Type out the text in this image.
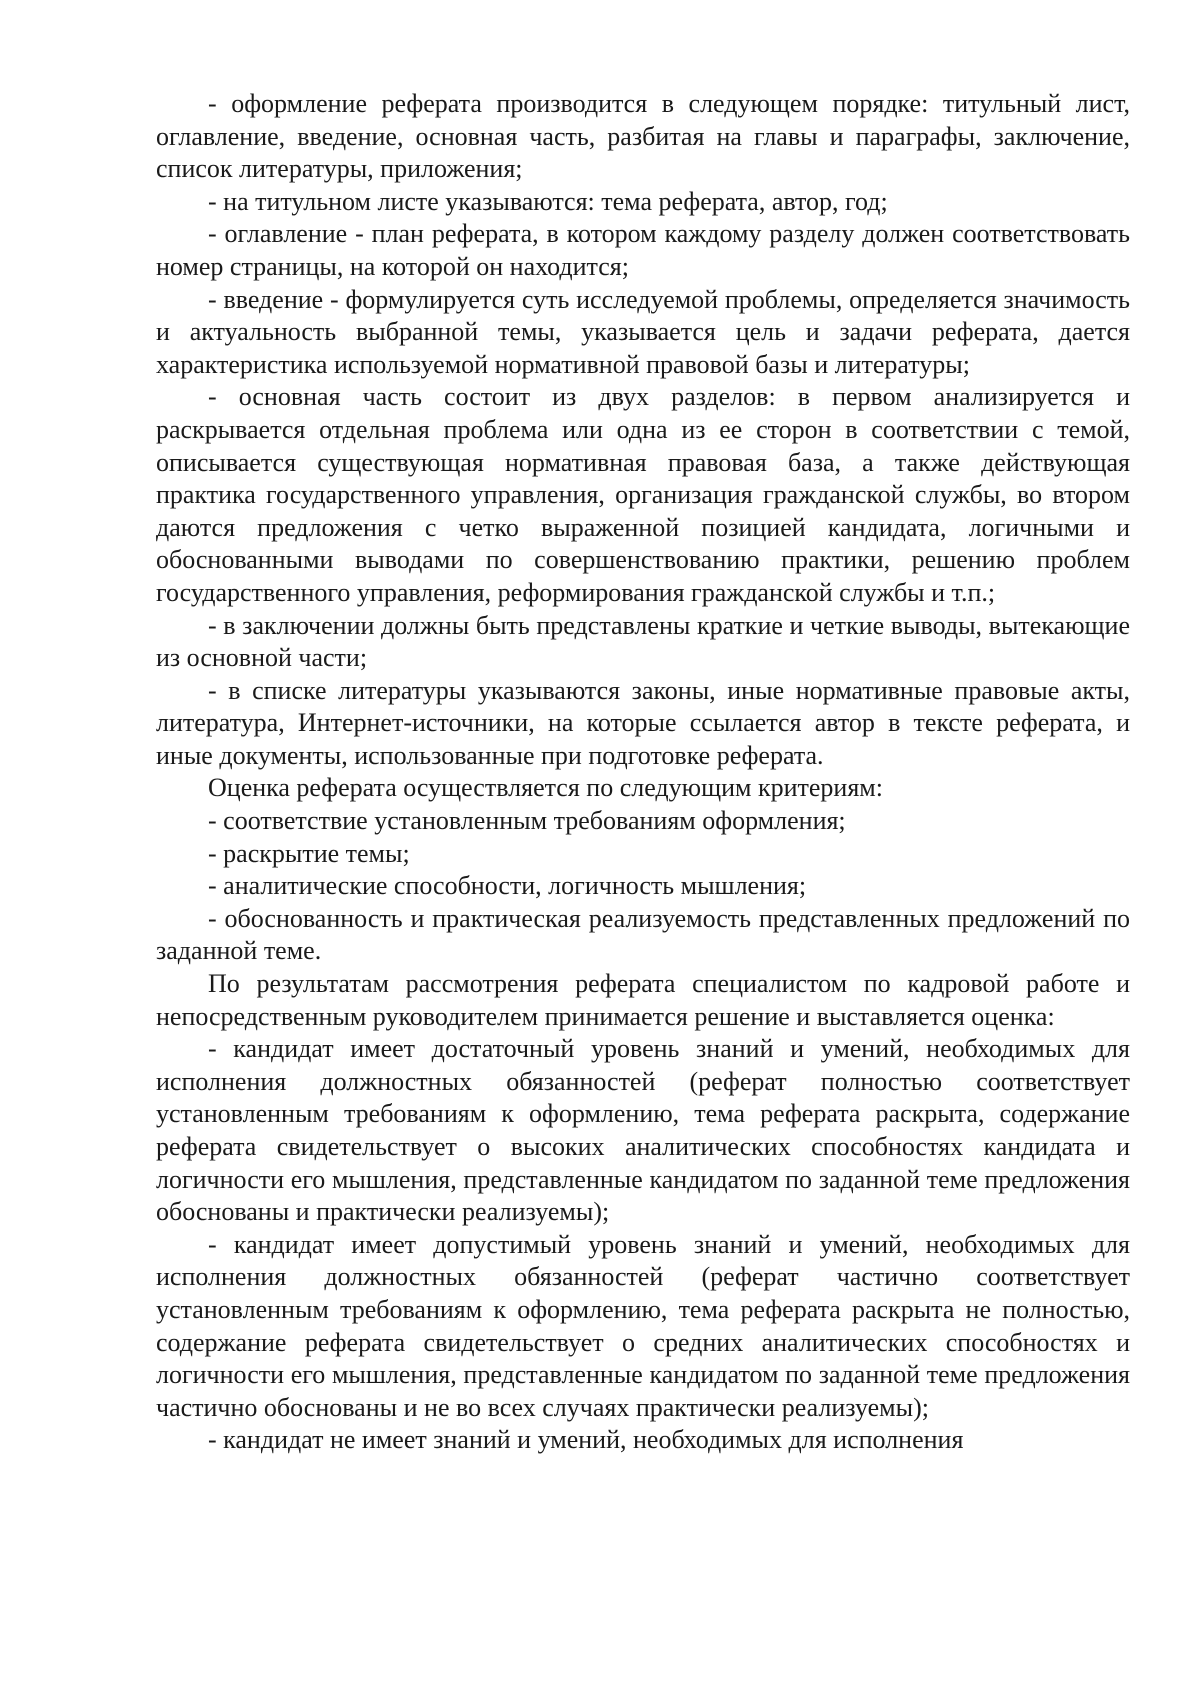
- оформление реферата производится в следующем порядке: титульный лист, оглавление, введение, основная часть, разбитая на главы и параграфы, заключение, список литературы, приложения;

- на титульном листе указываются: тема реферата, автор, год;

- оглавление - план реферата, в котором каждому разделу должен соответствовать номер страницы, на которой он находится;

- введение - формулируется суть исследуемой проблемы, определяется значимость и актуальность выбранной темы, указывается цель и задачи реферата, дается характеристика используемой нормативной правовой базы и литературы;

- основная часть состоит из двух разделов: в первом анализируется и раскрывается отдельная проблема или одна из ее сторон в соответствии с темой, описывается существующая нормативная правовая база, а также действующая практика государственного управления, организация гражданской службы, во втором даются предложения с четко выраженной позицией кандидата, логичными и обоснованными выводами по совершенствованию практики, решению проблем государственного управления, реформирования гражданской службы и т.п.;

- в заключении должны быть представлены краткие и четкие выводы, вытекающие из основной части;

- в списке литературы указываются законы, иные нормативные правовые акты, литература, Интернет-источники, на которые ссылается автор в тексте реферата, и иные документы, использованные при подготовке реферата.

Оценка реферата осуществляется по следующим критериям:

- соответствие установленным требованиям оформления;

- раскрытие темы;

- аналитические способности, логичность мышления;

- обоснованность и практическая реализуемость представленных предложений по заданной теме.

По результатам рассмотрения реферата специалистом по кадровой работе и непосредственным руководителем принимается решение и выставляется оценка:

- кандидат имеет достаточный уровень знаний и умений, необходимых для исполнения должностных обязанностей (реферат полностью соответствует установленным требованиям к оформлению, тема реферата раскрыта, содержание реферата свидетельствует о высоких аналитических способностях кандидата и логичности его мышления, представленные кандидатом по заданной теме предложения обоснованы и практически реализуемы);

- кандидат имеет допустимый уровень знаний и умений, необходимых для исполнения должностных обязанностей (реферат частично соответствует установленным требованиям к оформлению, тема реферата раскрыта не полностью, содержание реферата свидетельствует о средних аналитических способностях и логичности его мышления, представленные кандидатом по заданной теме предложения частично обоснованы и не во всех случаях практически реализуемы);

- кандидат не имеет знаний и умений, необходимых для исполнения
